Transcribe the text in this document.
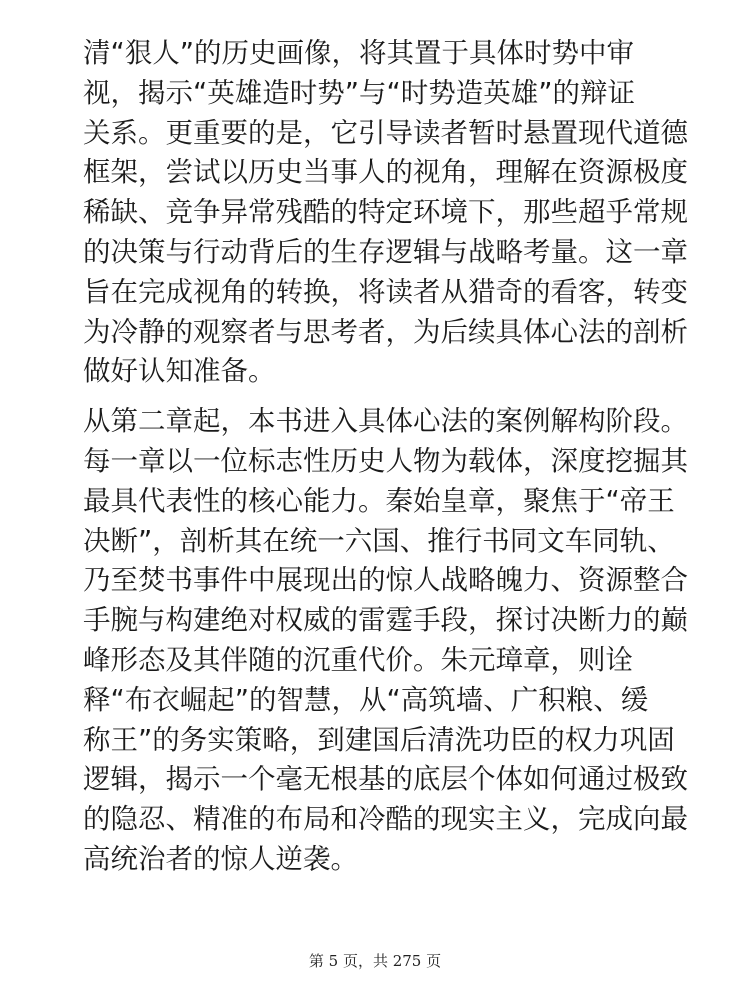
清“狠人”的历史画像，将其置于具体时势中审
视，揭示“英雄造时势”与“时势造英雄”的辩证
关系。更重要的是，它引导读者暂时悬置现代道德
框架，尝试以历史当事人的视角，理解在资源极度
稀缺、竞争异常残酷的特定环境下，那些超乎常规
的决策与行动背后的生存逻辑与战略考量。这一章
旨在完成视角的转换，将读者从猎奇的看客，转变
为冷静的观察者与思考者，为后续具体心法的剖析
做好认知准备。

从第二章起，本书进入具体心法的案例解构阶段。
每一章以一位标志性历史人物为载体，深度挖掘其
最具代表性的核心能力。秦始皇章，聚焦于“帝王
决断”，剖析其在统一六国、推行书同文车同轨、
乃至焚书事件中展现出的惊人战略魄力、资源整合
手腕与构建绝对权威的雷霆手段，探讨决断力的巅
峰形态及其伴随的沉重代价。朱元璋章，则诠
释“布衣崛起”的智慧，从“高筑墙、广积粮、缓
称王”的务实策略，到建国后清洗功臣的权力巩固
逻辑，揭示一个毫无根基的底层个体如何通过极致
的隐忍、精准的布局和冷酷的现实主义，完成向最
高统治者的惊人逆袭。

第 5 页，共 275 页
